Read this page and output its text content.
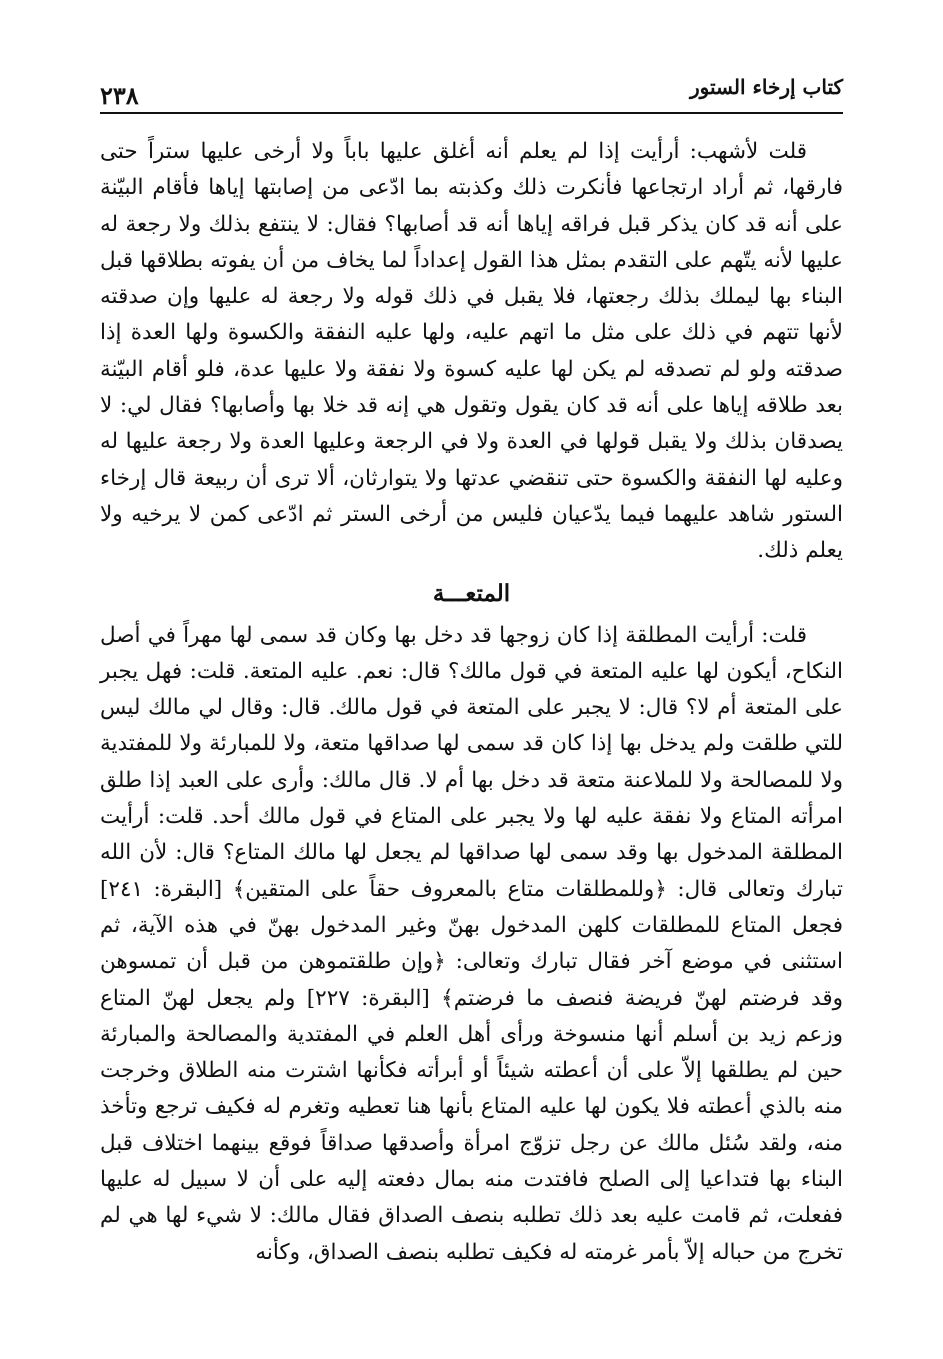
كتاب إرخاء الستور
٢٣٨

قلت لأشهب: أرأيت إذا لم يعلم أنه أغلق عليها باباً ولا أرخى عليها ستراً حتى فارقها، ثم أراد ارتجاعها فأنكرت ذلك وكذبته بما ادّعى من إصابتها إياها فأقام البيّنة على أنه قد كان يذكر قبل فراقه إياها أنه قد أصابها؟ فقال: لا ينتفع بذلك ولا رجعة له عليها لأنه يتّهم على التقدم بمثل هذا القول إعداداً لما يخاف من أن يفوته بطلاقها قبل البناء بها ليملك بذلك رجعتها، فلا يقبل في ذلك قوله ولا رجعة له عليها وإن صدقته لأنها تتهم في ذلك على مثل ما اتهم عليه، ولها عليه النفقة والكسوة ولها العدة إذا صدقته ولو لم تصدقه لم يكن لها عليه كسوة ولا نفقة ولا عليها عدة، فلو أقام البيّنة بعد طلاقه إياها على أنه قد كان يقول وتقول هي إنه قد خلا بها وأصابها؟ فقال لي: لا يصدقان بذلك ولا يقبل قولها في العدة ولا في الرجعة وعليها العدة ولا رجعة عليها له وعليه لها النفقة والكسوة حتى تنقضي عدتها ولا يتوارثان، ألا ترى أن ربيعة قال إرخاء الستور شاهد عليهما فيما يدّعيان فليس من أرخى الستر ثم ادّعى كمن لا يرخيه ولا يعلم ذلك.

المتعـــة

قلت: أرأيت المطلقة إذا كان زوجها قد دخل بها وكان قد سمى لها مهراً في أصل النكاح، أيكون لها عليه المتعة في قول مالك؟ قال: نعم. عليه المتعة. قلت: فهل يجبر على المتعة أم لا؟ قال: لا يجبر على المتعة في قول مالك. قال: وقال لي مالك ليس للتي طلقت ولم يدخل بها إذا كان قد سمى لها صداقها متعة، ولا للمبارئة ولا للمفتدية ولا للمصالحة ولا للملاعنة متعة قد دخل بها أم لا. قال مالك: وأرى على العبد إذا طلق امرأته المتاع ولا نفقة عليه لها ولا يجبر على المتاع في قول مالك أحد. قلت: أرأيت المطلقة المدخول بها وقد سمى لها صداقها لم يجعل لها مالك المتاع؟ قال: لأن الله تبارك وتعالى قال: ﴿وللمطلقات متاع بالمعروف حقاً على المتقين﴾ [البقرة: ٢٤١] فجعل المتاع للمطلقات كلهن المدخول بهنّ وغير المدخول بهنّ في هذه الآية، ثم استثنى في موضع آخر فقال تبارك وتعالى: ﴿وإن طلقتموهن من قبل أن تمسوهن وقد فرضتم لهنّ فريضة فنصف ما فرضتم﴾ [البقرة: ٢٢٧] ولم يجعل لهنّ المتاع وزعم زيد بن أسلم أنها منسوخة ورأى أهل العلم في المفتدية والمصالحة والمبارئة حين لم يطلقها إلاّ على أن أعطته شيئاً أو أبرأته فكأنها اشترت منه الطلاق وخرجت منه بالذي أعطته فلا يكون لها عليه المتاع بأنها هنا تعطيه وتغرم له فكيف ترجع وتأخذ منه، ولقد سُئل مالك عن رجل تزوّج امرأة وأصدقها صداقاً فوقع بينهما اختلاف قبل البناء بها فتداعيا إلى الصلح فافتدت منه بمال دفعته إليه على أن لا سبيل له عليها ففعلت، ثم قامت عليه بعد ذلك تطلبه بنصف الصداق فقال مالك: لا شيء لها هي لم تخرج من حباله إلاّ بأمر غرمته له فكيف تطلبه بنصف الصداق، وكأنه
